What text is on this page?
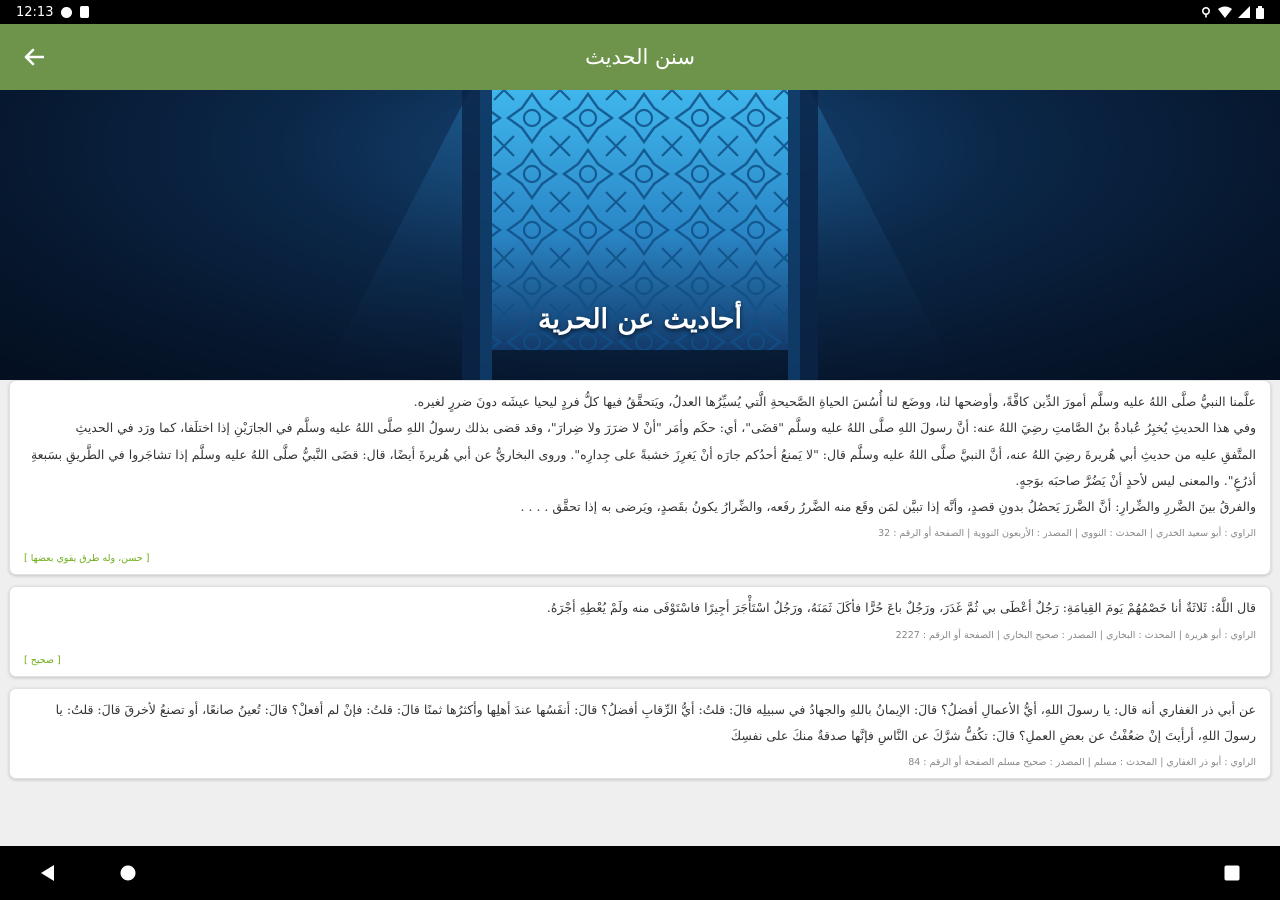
12:13
سنن الحديث
أحاديث عن الحرية
علَّمنا النبيُّ صلَّى اللهُ عليه وسلَّم أمورَ الدِّين كافَّةً، وأوضحها لنا، ووضَع لنا أُسُسَ الحياةِ الصَّحيحةِ الَّتي يُسيِّرُها العدلُ، ويَتحقَّقُ فيها كلُّ فردٍ ليحيا عيشَه دونَ ضررٍ لغيره.
وفي هذا الحديثِ يُخبِرُ عُبادةُ بنُ الصَّامتِ رضِيَ اللهُ عنه: أنَّ رسولَ اللهِ صلَّى اللهُ عليه وسلَّم "قضَى"، أي: حكَم وأمَر "أنْ لا ضرَرَ ولا ضِرارَ"، وقد قضى بذلك رسولُ اللهِ صلَّى اللهُ عليه وسلَّم في الجارَيْنِ إذا اختلَفا، كما ورَد في الحديثِ
المتَّفقِ عليه من حديثِ أبي هُريرةَ رضِيَ اللهُ عنه، أنَّ النبيَّ صلَّى اللهُ عليه وسلَّم قال: "لا يَمنعُ أحدُكم جارَه أنْ يَغرِزَ خشبةً على جِدارِه". وروى البخاريُّ عن أبي هُريرةَ أيضًا، قال: قضَى النَّبيُّ صلَّى اللهُ عليه وسلَّم إذا تشاجَروا في الطَّريقِ بسَبعةِ
أذرُعٍ". والمعنى ليس لأحدٍ أنْ يَضُرَّ صاحبَه بوَجهٍ.
والفرقُ بينَ الضَّررِ والضِّرارِ: أنَّ الضَّررَ يَحصُلُ بدونِ قصدٍ، وأنَّه إذا تبيَّن لمَن وقَع منه الضَّررُ رفَعه، والضِّرارُ يكونُ بقَصدٍ، ويَرضى به إذا تحقَّق . . . .
الراوي : أبو سعيد الخدري | المحدث : النووي | المصدر : الأربعون النووية | الصفحة أو الرقم : 32
[ حسن، وله طرق يقوي بعضها ]
قال اللَّهُ: ثَلاثَةٌ أنا خَصْمُهُمْ يَومَ القِيامَةِ: رَجُلٌ أعْطَى بي ثُمَّ غَدَرَ، ورَجُلٌ باعَ حُرًّا فأكَلَ ثَمَنَهُ، ورَجُلٌ اسْتَأْجَرَ أجِيرًا فاسْتَوْفَى منه ولَمْ يُعْطِهِ أجْرَهُ.
الراوي : أبو هريرة | المحدث : البخاري | المصدر : صحيح البخاري | الصفحة أو الرقم : 2227
[ صحيح ]
عن أبي ذر الغفاري أنه قال: يا رسولَ اللهِ، أيُّ الأعمالِ أفضلُ؟ قالَ: الإيمانُ باللهِ والجهادُ في سبيلِه قالَ: قلتُ: أيُّ الرِّقابِ أفضلُ؟ قالَ: أنفَسُها عندَ أهلِها وأكثرُها ثمنًا قالَ: قلتُ: فإنْ لم أفعلْ؟ قالَ: تُعينُ صانعًا، أو تصنعُ لأخرقَ قالَ: قلتُ: يا
رسولَ اللهِ، أرأيتَ إنْ ضعُفْتُ عن بعضِ العملِ؟ قالَ: تكُفُّ شرَّكَ عن النَّاسِ فإنَّها صدقةٌ منكَ على نفسِكَ
الراوي : أبو ذر الغفاري | المحدث : مسلم | المصدر : صحيح مسلم الصفحة أو الرقم : 84
